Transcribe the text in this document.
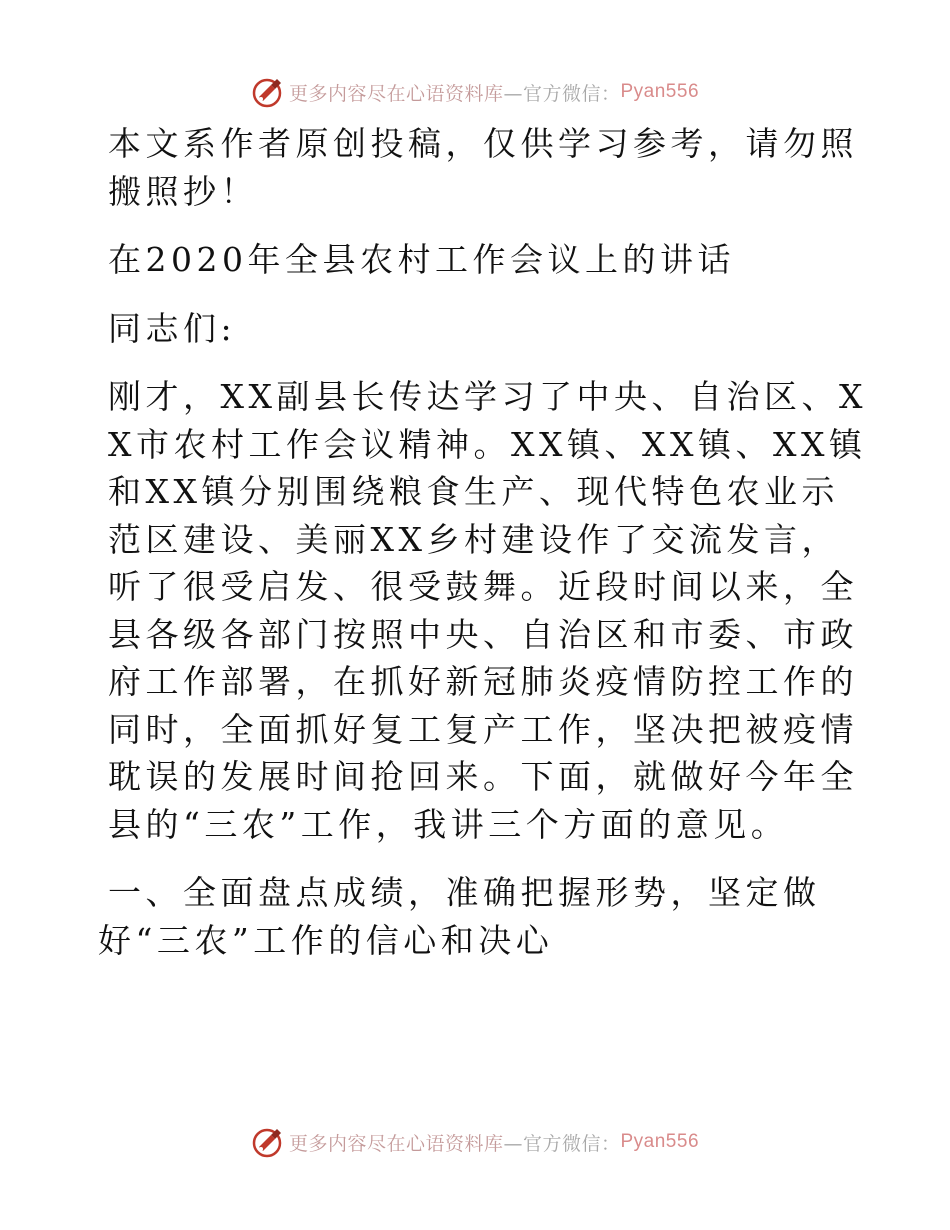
更多内容尽在心语资料库 —官方微信： Pyan556

本文系作者原创投稿，仅供学习参考，请勿照搬照抄！

在2020年全县农村工作会议上的讲话

同志们:

刚才，XX副县长传达学习了中央、自治区、XX市农村工作会议精神。XX镇、XX镇、XX镇和XX镇分别围绕粮食生产、现代特色农业示范区建设、美丽XX乡村建设作了交流发言，听了很受启发、很受鼓舞。近段时间以来，全县各级各部门按照中央、自治区和市委、市政府工作部署，在抓好新冠肺炎疫情防控工作的同时，全面抓好复工复产工作，坚决把被疫情耽误的发展时间抢回来。下面，就做好今年全县的“三农”工作，我讲三个方面的意见。

一、全面盘点成绩，准确把握形势，坚定做

好“三农”工作的信心和决心

更多内容尽在心语资料库 —官方微信： Pyan556
